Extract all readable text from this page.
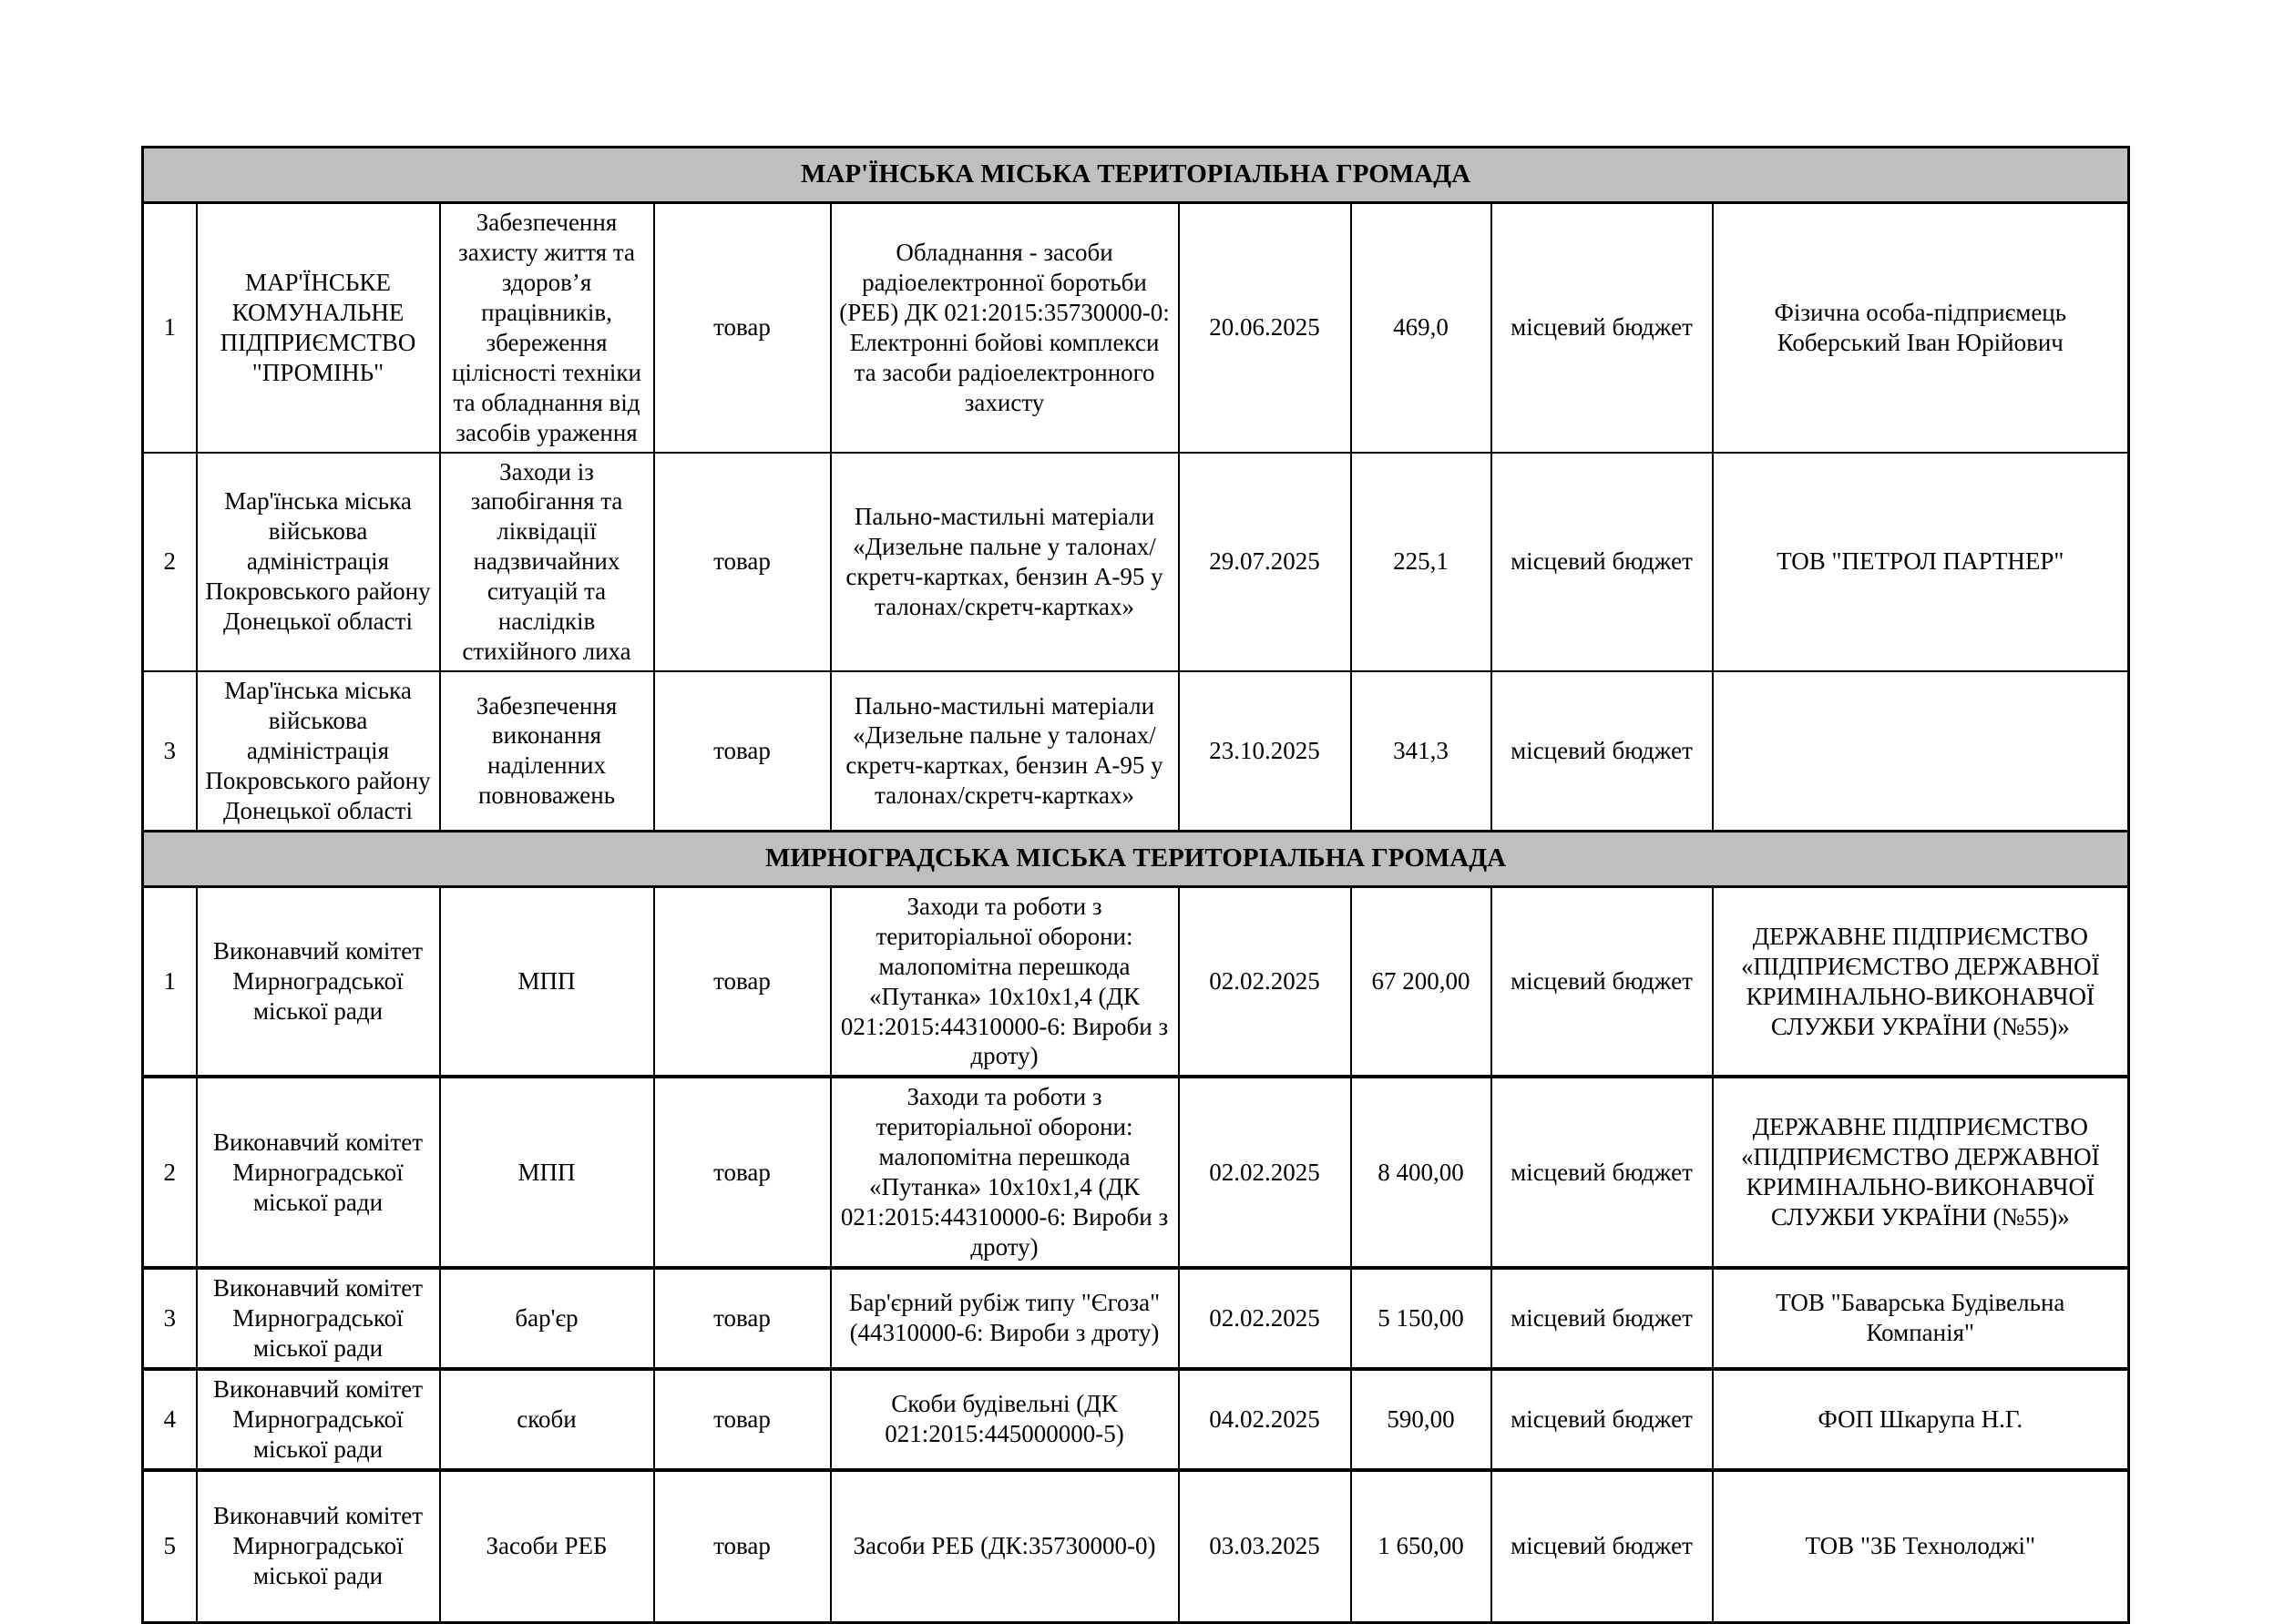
МАР'ЇНСЬКА МІСЬКА ТЕРИТОРІАЛЬНА ГРОМАДА								
1	МАР'ЇНСЬКЕ КОМУНАЛЬНЕ ПІДПРИЄМСТВО "ПРОМІНЬ"	Забезпечення захисту життя та здоров’я працівників, збереження цілісності техніки та обладнання від засобів ураження	товар	Обладнання - засоби радіоелектронної боротьби (РЕБ) ДК 021:2015:35730000-0: Електронні бойові комплекси та засоби радіоелектронного захисту	20.06.2025	469,0	місцевий бюджет	Фізична особа-підприємець Коберський Іван Юрійович
2	Мар'їнська міська військова адміністрація Покровського району Донецької області	Заходи із запобігання та ліквідації надзвичайних ситуацій та наслідків стихійного лиха	товар	Пально-мастильні матеріали «Дизельне пальне у талонах/скретч-картках, бензин А-95 у талонах/скретч-картках»	29.07.2025	225,1	місцевий бюджет	ТОВ "ПЕТРОЛ ПАРТНЕР"
3	Мар'їнська міська військова адміністрація Покровського району Донецької області	Забезпечення виконання наділенних повноважень	товар	Пально-мастильні матеріали «Дизельне пальне у талонах/скретч-картках, бензин А-95 у талонах/скретч-картках»	23.10.2025	341,3	місцевий бюджет	
МИРНОГРАДСЬКА МІСЬКА ТЕРИТОРІАЛЬНА ГРОМАДА								
1	Виконавчий комітет Мирноградської міської ради	МПП	товар	Заходи та роботи з територіальної оборони: малопомітна перешкода «Путанка» 10х10х1,4 (ДК 021:2015:44310000-6: Вироби з дроту)	02.02.2025	67 200,00	місцевий бюджет	ДЕРЖАВНЕ ПІДПРИЄМСТВО «ПІДПРИЄМСТВО ДЕРЖАВНОЇ КРИМІНАЛЬНО-ВИКОНАВЧОЇ СЛУЖБИ УКРАЇНИ (№55)»
2	Виконавчий комітет Мирноградської міської ради	МПП	товар	Заходи та роботи з територіальної оборони: малопомітна перешкода «Путанка» 10х10х1,4 (ДК 021:2015:44310000-6: Вироби з дроту)	02.02.2025	8 400,00	місцевий бюджет	ДЕРЖАВНЕ ПІДПРИЄМСТВО «ПІДПРИЄМСТВО ДЕРЖАВНОЇ КРИМІНАЛЬНО-ВИКОНАВЧОЇ СЛУЖБИ УКРАЇНИ (№55)»
3	Виконавчий комітет Мирноградської міської ради	бар'єр	товар	Бар'єрний рубіж типу "Єгоза" (44310000-6: Вироби з дроту)	02.02.2025	5 150,00	місцевий бюджет	ТОВ "Баварська Будівельна Компанія"
4	Виконавчий комітет Мирноградської міської ради	скоби	товар	Скоби будівельні (ДК 021:2015:445000000-5)	04.02.2025	590,00	місцевий бюджет	ФОП Шкарупа Н.Г.
5	Виконавчий комітет Мирноградської міської ради	Засоби РЕБ	товар	Засоби РЕБ (ДК:35730000-0)	03.03.2025	1 650,00	місцевий бюджет	ТОВ "3Б Технолоджі"
